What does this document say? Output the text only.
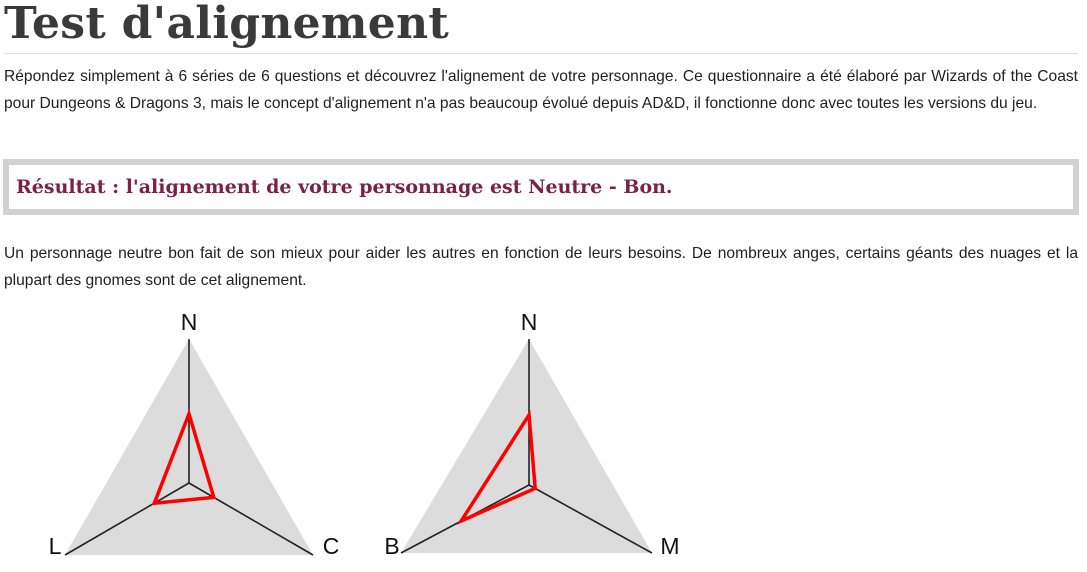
Test d'alignement

Répondez simplement à 6 séries de 6 questions et découvrez l'alignement de votre personnage. Ce questionnaire a été élaboré par Wizards of the Coast pour Dungeons & Dragons 3, mais le concept d'alignement n'a pas beaucoup évolué depuis AD&D, il fonctionne donc avec toutes les versions du jeu.

Résultat : l'alignement de votre personnage est Neutre - Bon.

Un personnage neutre bon fait de son mieux pour aider les autres en fonction de leurs besoins. De nombreux anges, certains géants des nuages et la plupart des gnomes sont de cet alignement.

N
L	C
N
B	M
